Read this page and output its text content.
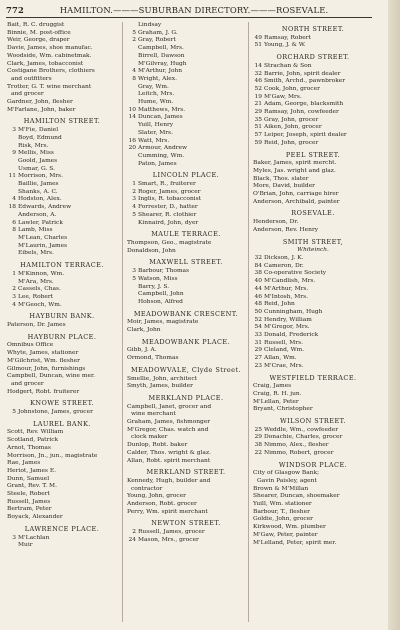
772	HAMILTON.———SUBURBAN DIRECTORY.———ROSEVALE.
Bait, R. C. druggist
Binnie, M. post-office
Weir, George, draper
Davie, James, shoe manufac.
Woodside, Wm. cabinetmak.
Clark, James, tobacconist
Costigane Brothers, clothiers
and outfitters
Trotter, G. T. wine merchant
and grocer
Gardner, John, flesher
M'Farlane, John, baker
HAMILTON STREET.
3 M'Fie, Daniel
Boyd, Edmund
Risk, Mrs.
9 Mellis, Miss
Goold, James
Usmar, G. S.
11 Morrison, Mrs.
Baillie, James
Shanks, A. C.
4 Hodston, Alex.
18 Edwards, Andrew
Anderson, A.
6 Lawler, Patrick
8 Lamb, Miss
M'Lean, Charles
M'Laurin, James
Eibels, Mrs.
HAMILTON TERRACE.
1 M'Kinnon, Wm.
M'Ara, Mrs.
2 Cassels, Chas.
3 Lee, Robert
4 M'Geoch, Wm.
HAYBURN BANK.
Paterson, Dr. James
HAYBURN PLACE.
Omnibus Office
Whyte, James, stationer
M'Gilchrist, Wm. flesher
Gilmour, John, furnishings
Campbell, Duncan, wine mer.
and grocer
Hodgert, Robt. fruiterer
KNOWE STREET.
5 Johnstone, James, grocer
LAUREL BANK.
Scott, Rev. William
Scotland, Patrick
Arnot, Thomas
Morrison, Jn., jun., magistrate
Rae, James
Heriot, James E.
Dunn, Samuel
Grant, Rev. T. M.
Steele, Robert
Russell, James
Bertram, Peter
Boyack, Alexander
LAWRENCE PLACE.
3 M'Lachlan
Muir
Lindsay
5 Graham, J. G.
2 Gray, Robert
Campbell, Mrs.
Birrell, Dawson
M'Gilvray, Hugh
4 M'Arthur, John
8 Wright, Alex.
Gray, Wm.
Leitch, Mrs.
Hume, Wm.
10 Matthews, Mrs.
14 Duncan, James
Yuill, Henry
Slater, Mrs.
16 Watt, Mrs.
20 Armour, Andrew
Cumming, Wm.
Paton, James
LINCOLN PLACE.
1 Smart, R., fruiterer
2 Roger, James, grocer
3 Inglis, R. tobacconist
4 Forrester, D., hatter
5 Shearer, R. clothier
Kinnaird, John, dyer
MAULE TERRACE.
Thompson, Geo., magistrate
Donaldson, John
MAXWELL STREET.
3 Barbour, Thomas
5 Watson, Miss
Barry, J. S.
Campbell, John
Hobson, Alfred
MEADOWBANK CRESCENT.
Moir, James, magistrate
Clark, John
MEADOWBANK PLACE.
Gibb, J. A.
Ormond, Thomas
MEADOWVALE, Clyde Street.
Smellie, John, architect
Smyth, James, builder
MERKLAND PLACE.
Campbell, Janet, grocer and
wine merchant
Graham, James, fishmonger
M'Gregor, Chas. watch and
clock maker
Dunlop, Robt. baker
Calder, Thos. wright & glaz.
Allan, Robt. spirit merchant
MERKLAND STREET.
Kennedy, Hugh, builder and
contractor
Young, John, grocer
Anderson, Robt. grocer
Perry, Wm. spirit merchant
NEWTON STREET.
2 Russell, James, grocer
24 Mason, Mrs., grocer
NORTH STREET.
49 Ramsay, Robert
51 Young, J. & W.
ORCHARD STREET.
14 Strachan & Son
32 Barrie, John, spirit dealer
46 Smith, Archd., pawnbroker
52 Cook, John, grocer
19 M'Gaw, Mrs.
21 Adam, George, blacksmith
29 Ramsay, John, cowfeeder
35 Gray, John, grocer
51 Aiken, John, grocer
57 Leiper, Joseph, spirit dealer
59 Reid, John, grocer
PEEL STREET.
Baker, James, spirit mercht.
Myles, Jas. wright and glaz.
Black, Thos. slater
More, David, builder
O'Brian, John, carriage hirer
Anderson, Archibald, painter
ROSEVALE.
Henderson, Dr.
Anderson, Rev. Henry
SMITH STREET,
Whiteinch.
32 Dickson, J. K.
84 Cameron, Dr.
38 Co-operative Society
40 M'Candlish, Mrs.
44 M'Arthur, Mrs.
46 M'Intosh, Mrs.
48 Reid, John
50 Cunningham, Hugh
52 Hendry, William
54 M'Gregor, Mrs.
33 Donald, Frederick
31 Russell, Mrs.
29 Cleland, Wm.
27 Allan, Wm.
23 M'Crae, Mrs.
WESTFIELD TERRACE.
Craig, James
Craig, R. H. jun.
M'Lellan, Peter
Bryant, Christopher
WILSON STREET.
25 Weddle, Wm., cowfeeder
29 Donachie, Charles, grocer
38 Nimmo, Alex., flesher
22 Nimmo, Robert, grocer
WINDSOR PLACE.
City of Glasgow Bank;
Gavin Paisley, agent
Brown & M'Millan
Shearer, Duncan, shoemaker
Yuill, Wm. stationer
Barbour, T., flesher
Goldie, John, grocer
Kirkwood, Wm. plumber
M'Gaw, Peter, painter
M'Lelland, Peter, spirit mer.
